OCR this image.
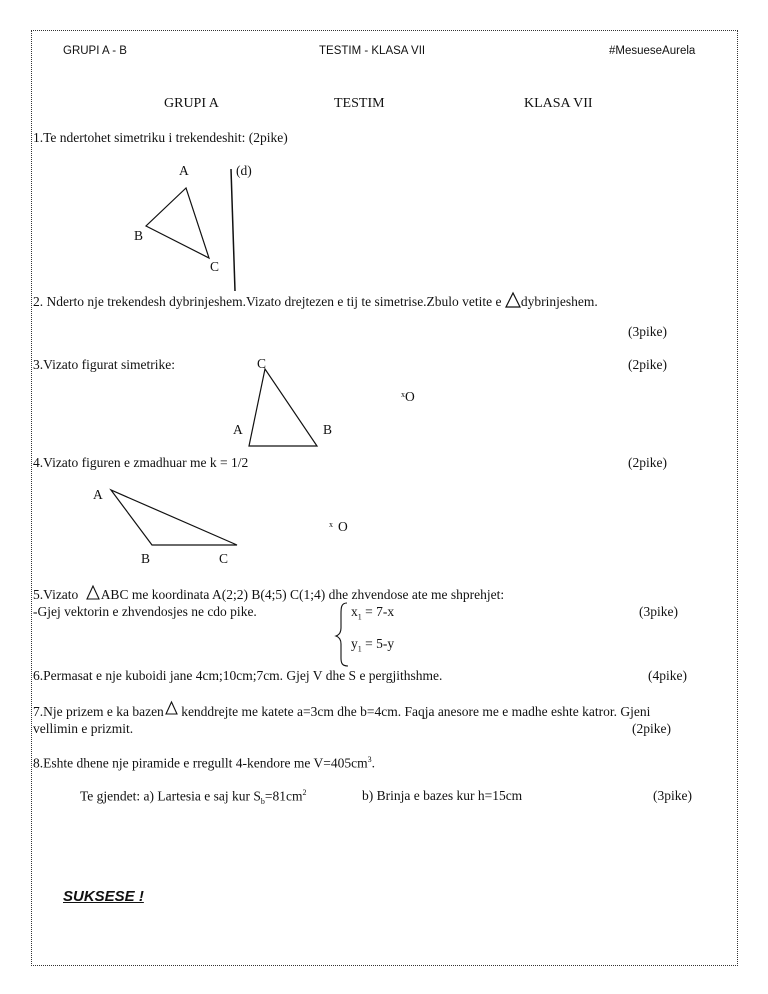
GRUPI A - B	TESTIM - KLASA VII	#MesueseAurela
GRUPI A	TESTIM	KLASA VII
1.Te ndertohet simetriku i trekendeshit: (2pike)
A	(d)
B
C
2. Nderto nje trekendesh dybrinjeshem.Vizato drejtezen e tij te simetrise.Zbulo vetite e dybrinjeshem.
(3pike)
3.Vizato figurat simetrike:	(2pike)
C
A	B
x O
4.Vizato figuren e zmadhuar me k = 1/2	(2pike)
A
B	C
x O
5.Vizato ABC me koordinata A(2;2) B(4;5) C(1;4) dhe zhvendose ate me shprehjet:
-Gjej vektorin e zhvendosjes ne cdo pike.	$x_1 = 7-x$
$y_1 = 5-y$
(3pike)
6.Permasat e nje kuboidi jane 4cm;10cm;7cm. Gjej V dhe S e pergjithshme.	(4pike)
7.Nje prizem e ka bazen kenddrejte me katete a=3cm dhe b=4cm. Faqja anesore me e madhe eshte katror. Gjeni
vellimin e prizmit.	(2pike)
8.Eshte dhene nje piramide e rregullt 4-kendore me $V=405cm^3$.
Te gjendet: a) Lartesia e saj kur $S_b=81cm^2$	b) Brinja e bazes kur h=15cm	(3pike)
SUKSESE !
